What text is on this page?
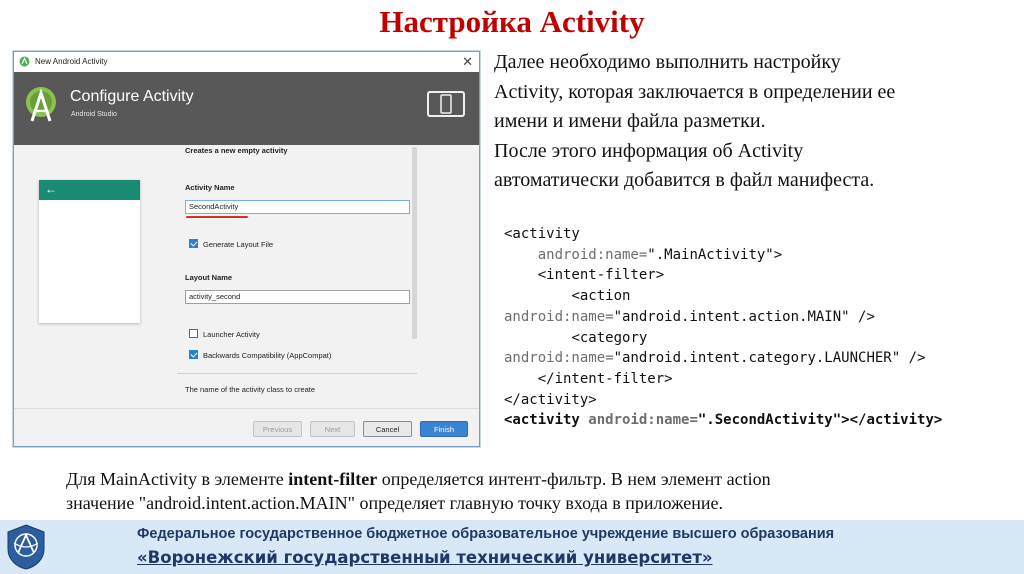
Настройка Activity
New Android Activity	✕
Configure Activity
Android Studio
←
Creates a new empty activity
Activity Name
SecondActivity
Generate Layout File
Layout Name
activity_second
Launcher Activity
Backwards Compatibility (AppCompat)
The name of the activity class to create
Previous	Next	Cancel	Finish

Далее необходимо выполнить настройку

Activity, которая заключается в определении ее

имени и имени файла разметки.

После этого информация об Activity

автоматически добавится в файл манифеста.

<activity
android:name=".MainActivity">
<intent-filter>
<action
android:name="android.intent.action.MAIN" />
<category
android:name="android.intent.category.LAUNCHER" />
</intent-filter>
</activity>
<activity android:name=".SecondActivity"></activity>
Для MainActivity в элементе intent-filter определяется интент-фильтр. В нем элемент action
значение "android.intent.action.MAIN" определяет главную точку входа в приложение.
Федеральное государственное бюджетное образовательное учреждение высшего образования
«Воронежский государственный технический университет»
